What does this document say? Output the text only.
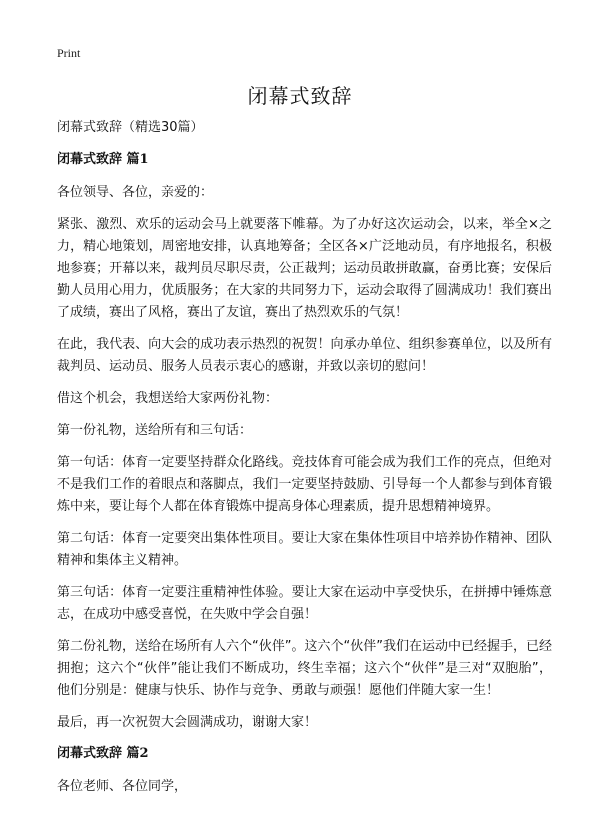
Print
闭幕式致辞

闭幕式致辞（精选30篇）

闭幕式致辞 篇1

各位领导、各位，亲爱的：

紧张、激烈、欢乐的运动会马上就要落下帷幕。为了办好这次运动会，以来，举全×之力，精心地策划，周密地安排，认真地筹备；全区各×广泛地动员，有序地报名，积极地参赛；开幕以来，裁判员尽职尽责，公正裁判；运动员敢拼敢赢，奋勇比赛；安保后勤人员用心用力，优质服务；在大家的共同努力下，运动会取得了圆满成功！我们赛出了成绩，赛出了风格，赛出了友谊，赛出了热烈欢乐的气氛！

在此，我代表、向大会的成功表示热烈的祝贺！向承办单位、组织参赛单位，以及所有裁判员、运动员、服务人员表示衷心的感谢，并致以亲切的慰问！

借这个机会，我想送给大家两份礼物：

第一份礼物，送给所有和三句话：

第一句话：体育一定要坚持群众化路线。竞技体育可能会成为我们工作的亮点，但绝对不是我们工作的着眼点和落脚点，我们一定要坚持鼓励、引导每一个人都参与到体育锻炼中来，要让每个人都在体育锻炼中提高身体心理素质，提升思想精神境界。

第二句话：体育一定要突出集体性项目。要让大家在集体性项目中培养协作精神、团队精神和集体主义精神。

第三句话：体育一定要注重精神性体验。要让大家在运动中享受快乐，在拼搏中锤炼意志，在成功中感受喜悦，在失败中学会自强！

第二份礼物，送给在场所有人六个“伙伴”。这六个“伙伴”我们在运动中已经握手，已经拥抱；这六个“伙伴”能让我们不断成功，终生幸福；这六个“伙伴”是三对“双胞胎”，他们分别是：健康与快乐、协作与竞争、勇敢与顽强！愿他们伴随大家一生！

最后，再一次祝贺大会圆满成功，谢谢大家！

闭幕式致辞 篇2

各位老师、各位同学，
